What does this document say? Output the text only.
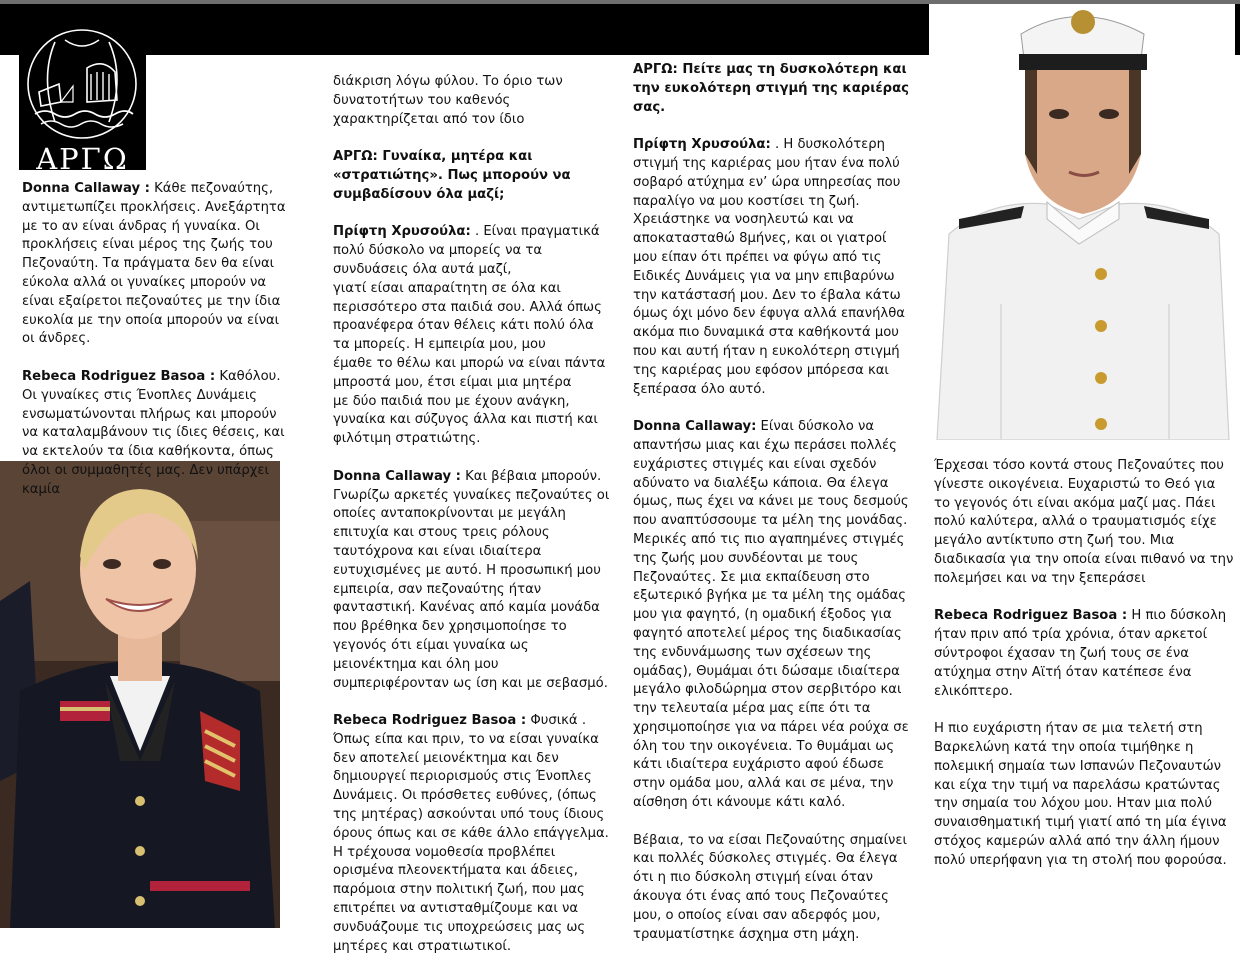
ΑΡΓΩ

Donna Callaway : Κάθε πεζοναύτης, αντιμετωπίζει προκλήσεις. Ανεξάρτητα με το αν είναι άνδρας ή γυναίκα. Οι προκλήσεις είναι μέρος της ζωής του Πεζοναύτη. Τα πράγματα δεν θα είναι εύκολα αλλά οι γυναίκες μπορούν να είναι εξαίρετοι πεζοναύτες με την ίδια ευκολία με την οποία μπορούν να είναι οι άνδρες.

Rebeca Rodriguez Basoa : Καθόλου. Οι γυναίκες στις Ένοπλες Δυνάμεις ενσωματώνονται πλήρως και μπορούν να καταλαμβάνουν τις ίδιες θέσεις, και να εκτελούν τα ίδια καθήκοντα, όπως όλοι οι συμμαθητές μας. Δεν υπάρχει καμία

διάκριση λόγω φύλου. Το όριο των δυνατοτήτων του καθενός χαρακτηρίζεται από τον ίδιο

ΑΡΓΩ: Γυναίκα, μητέρα και «στρατιώτης». Πως μπορούν να συμβαδίσουν όλα μαζί;

Πρίφτη Χρυσούλα: . Είναι πραγματικά πολύ δύσκολο να μπορείς να τα συνδυάσεις όλα αυτά μαζί,
γιατί είσαι απαραίτητη σε όλα και περισσότερο στα παιδιά σου. Αλλά όπως προανέφερα όταν θέλεις κάτι πολύ όλα τα μπορείς. Η εμπειρία μου, μου
έμαθε το θέλω και μπορώ να είναι πάντα μπροστά μου, έτσι είμαι μια μητέρα
με δύο παιδιά που με έχουν ανάγκη, γυναίκα και σύζυγος άλλα και πιστή και φιλότιμη στρατιώτης.

Donna Callaway : Και βέβαια μπορούν. Γνωρίζω αρκετές γυναίκες πεζοναύτες οι οποίες ανταποκρίνονται με μεγάλη επιτυχία και στους τρεις ρόλους ταυτόχρονα και είναι ιδιαίτερα ευτυχισμένες με αυτό. Η προσωπική μου εμπειρία, σαν πεζοναύτης ήταν φανταστική. Κανένας από καμία μονάδα που βρέθηκα δεν χρησιμοποίησε το γεγονός ότι είμαι γυναίκα ως μειονέκτημα και όλη μου συμπεριφέρονταν ως ίση και με σεβασμό.

Rebeca Rodriguez Basoa : Φυσικά . Όπως είπα και πριν, το να είσαι γυναίκα δεν αποτελεί μειονέκτημα και δεν δημιουργεί περιορισμούς στις Ένοπλες Δυνάμεις. Οι πρόσθετες ευθύνες, (όπως της μητέρας) ασκούνται υπό τους ίδιους όρους όπως και σε κάθε άλλο επάγγελμα. Η τρέχουσα νομοθεσία προβλέπει ορισμένα πλεονεκτήματα και άδειες, παρόμοια στην πολιτική ζωή, που μας επιτρέπει να αντισταθμίζουμε και να συνδυάζουμε τις υποχρεώσεις μας ως μητέρες και στρατιωτικοί.

ΑΡΓΩ: Πείτε μας τη δυσκολότερη και την ευκολότερη στιγμή της καριέρας σας.

Πρίφτη Χρυσούλα: . Η δυσκολότερη στιγμή της καριέρας μου ήταν ένα πολύ σοβαρό ατύχημα εν’ ώρα υπηρεσίας που παραλίγο να μου κοστίσει τη ζωή. Χρειάστηκε να νοσηλευτώ και να αποκατασταθώ 8μήνες, και οι γιατροί μου είπαν ότι πρέπει να φύγω από τις Ειδικές Δυνάμεις για να μην επιβαρύνω την κατάστασή μου. Δεν το έβαλα κάτω όμως όχι μόνο δεν έφυγα αλλά επανήλθα ακόμα πιο δυναμικά στα καθήκοντά μου που και αυτή ήταν η ευκολότερη στιγμή της καριέρας μου εφόσον μπόρεσα και ξεπέρασα όλο αυτό.

Donna Callaway: Είναι δύσκολο να απαντήσω μιας και έχω περάσει πολλές ευχάριστες στιγμές και είναι σχεδόν αδύνατο να διαλέξω κάποια. Θα έλεγα όμως, πως έχει να κάνει με τους δεσμούς που αναπτύσσουμε τα μέλη της μονάδας. Μερικές από τις πιο αγαπημένες στιγμές της ζωής μου συνδέονται με τους Πεζοναύτες. Σε μια εκπαίδευση στο εξωτερικό βγήκα με τα μέλη της ομάδας μου για φαγητό, (η ομαδική έξοδος για φαγητό αποτελεί μέρος της διαδικασίας της ενδυνάμωσης των σχέσεων της ομάδας), Θυμάμαι ότι δώσαμε ιδιαίτερα μεγάλο φιλοδώρημα στον σερβιτόρο και την τελευταία μέρα μας είπε ότι τα χρησιμοποίησε για να πάρει νέα ρούχα σε όλη του την οικογένεια. Το θυμάμαι ως κάτι ιδιαίτερα ευχάριστο αφού έδωσε στην ομάδα μου, αλλά και σε μένα, την αίσθηση ότι κάνουμε κάτι καλό.

Βέβαια, το να είσαι Πεζοναύτης σημαίνει και πολλές δύσκολες στιγμές. Θα έλεγα ότι η πιο δύσκολη στιγμή είναι όταν άκουγα ότι ένας από τους Πεζοναύτες μου, ο οποίος είναι σαν αδερφός μου, τραυματίστηκε άσχημα στη μάχη.

Έρχεσαι τόσο κοντά στους Πεζοναύτες που γίνεστε οικογένεια. Ευχαριστώ το Θεό για το γεγονός ότι είναι ακόμα μαζί μας. Πάει πολύ καλύτερα, αλλά ο τραυματισμός είχε μεγάλο αντίκτυπο στη ζωή του. Μια διαδικασία για την οποία είναι πιθανό να την πολεμήσει και να την ξεπεράσει

Rebeca Rodriguez Basoa : Η πιο δύσκολη ήταν πριν από τρία χρόνια, όταν αρκετοί σύντροφοι έχασαν τη ζωή τους σε ένα ατύχημα στην Αϊτή όταν κατέπεσε ένα ελικόπτερο.

Η πιο ευχάριστη ήταν σε μια τελετή στη Βαρκελώνη κατά την οποία τιμήθηκε η πολεμική σημαία των Ισπανών Πεζοναυτών και είχα την τιμή να παρελάσω κρατώντας την σημαία του λόχου μου. Ηταν μια πολύ συναισθηματική τιμή γιατί από τη μία έγινα στόχος καμερών αλλά από την άλλη ήμουν πολύ υπερήφανη για τη στολή που φορούσα.
